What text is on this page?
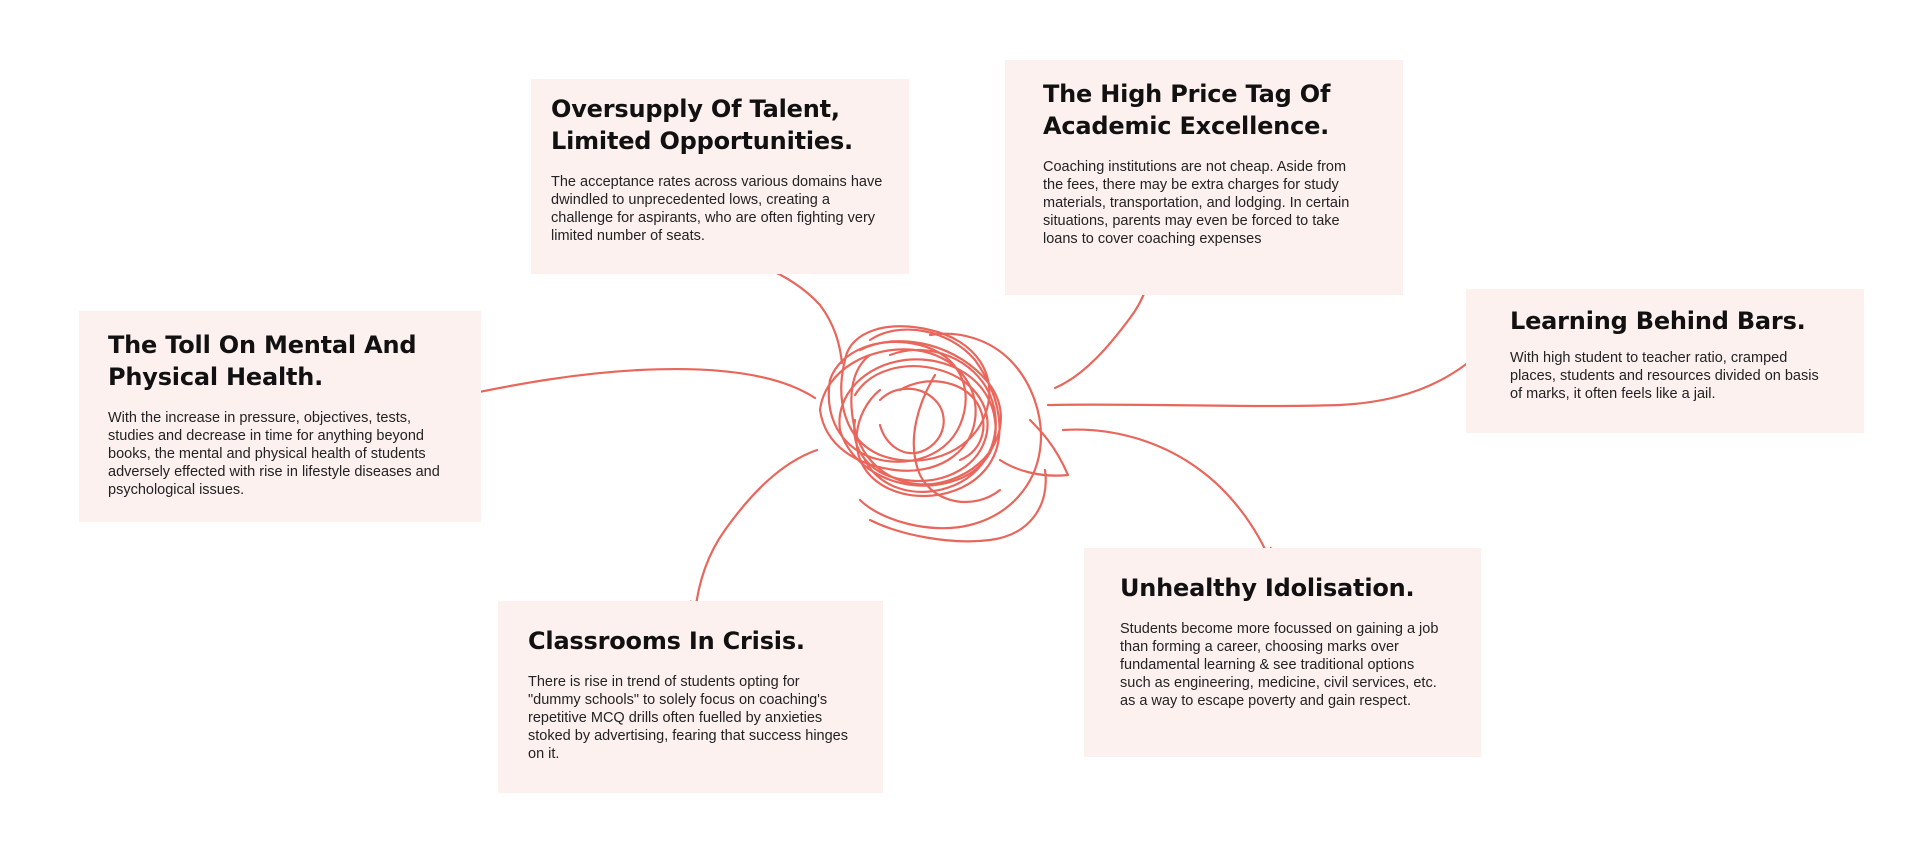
Oversupply Of Talent,
Limited Opportunities.

The acceptance rates across various domains have dwindled to unprecedented lows, creating a challenge for aspirants, who are often fighting very limited number of seats.

The High Price Tag Of
Academic Excellence.

Coaching institutions are not cheap. Aside from the fees, there may be extra charges for study materials, transportation, and lodging. In certain situations, parents may even be forced to take loans to cover coaching expenses

The Toll On Mental And
Physical Health.

With the increase in pressure, objectives, tests, studies and decrease in time for anything beyond books, the mental and physical health of students adversely effected with rise in lifestyle diseases and psychological issues.

Learning Behind Bars.

With high student to teacher ratio, cramped places, students and resources divided on basis of marks, it often feels like a jail.

Classrooms In Crisis.

There is rise in trend of students opting for "dummy schools" to solely focus on coaching's repetitive MCQ drills often fuelled by anxieties stoked by advertising, fearing that success hinges on it.

Unhealthy Idolisation.

Students become more focussed on gaining a job than forming a career, choosing marks over fundamental learning & see traditional options such as engineering, medicine, civil services, etc. as a way to escape poverty and gain respect.
